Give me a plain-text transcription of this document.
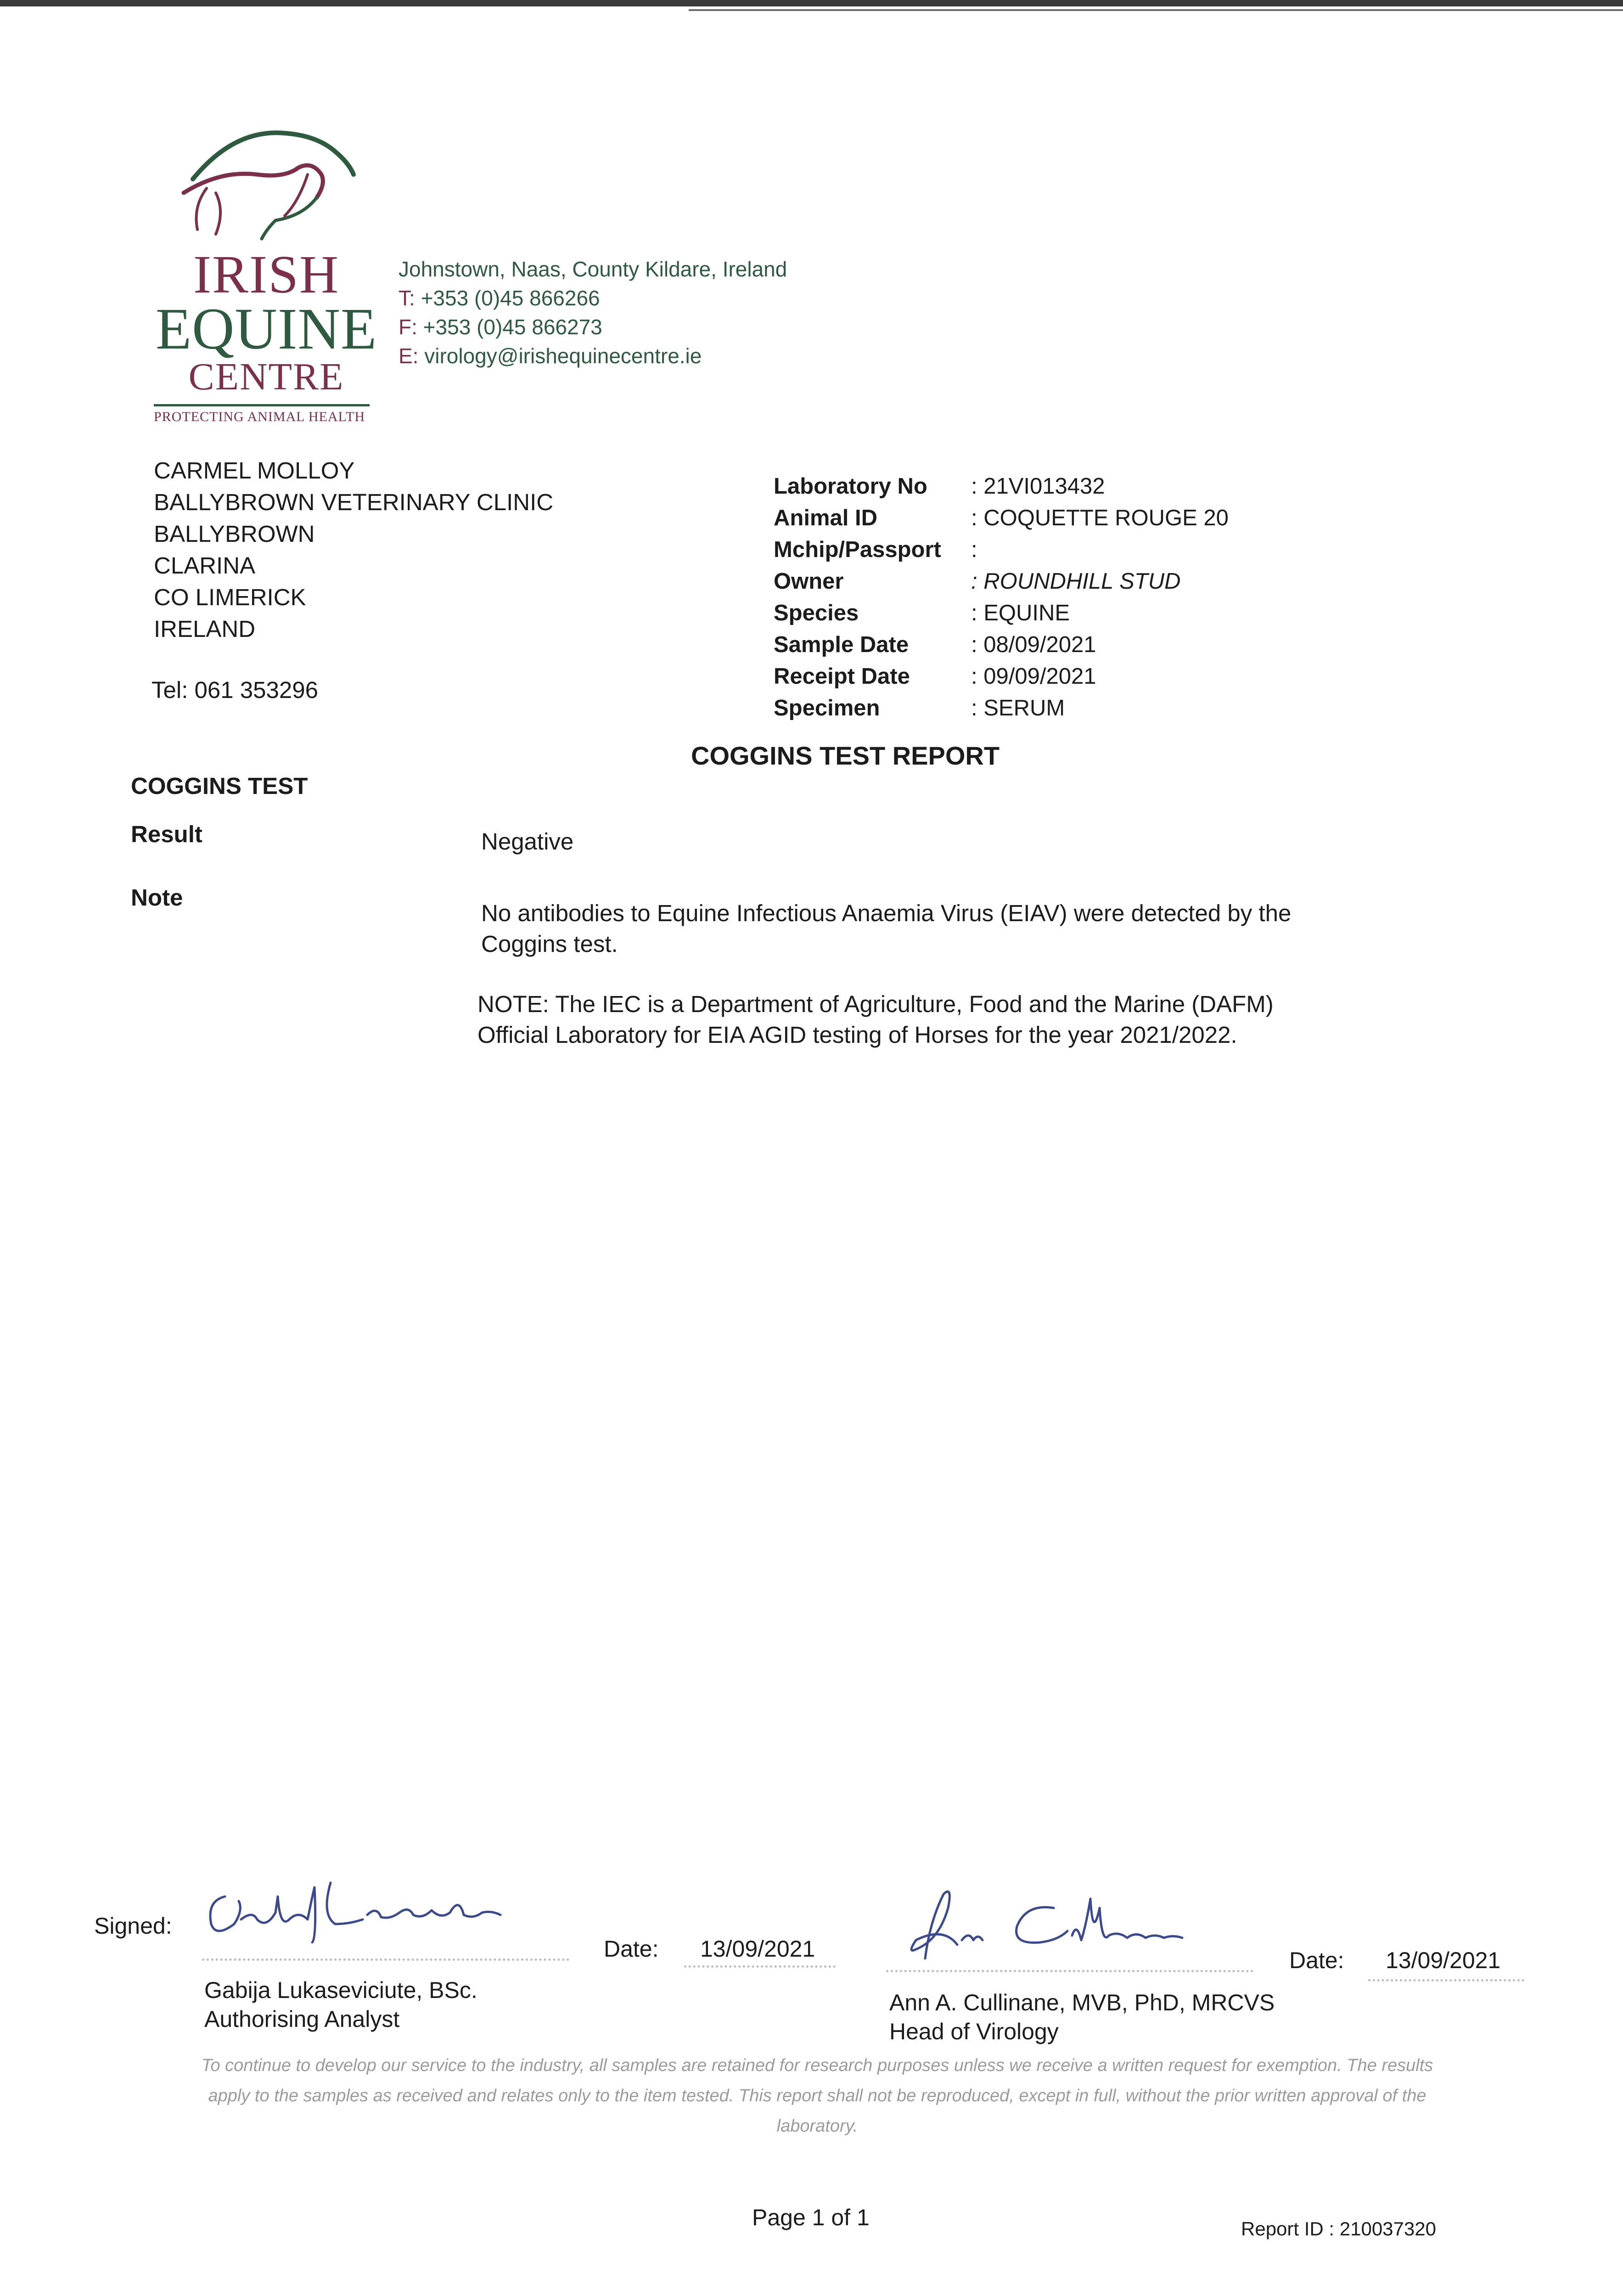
IRISH
EQUINE
CENTRE
PROTECTING ANIMAL HEALTH
Johnstown, Naas, County Kildare, Ireland
T: +353 (0)45 866266
F: +353 (0)45 866273
E: virology@irishequinecentre.ie
CARMEL MOLLOY
BALLYBROWN VETERINARY CLINIC
BALLYBROWN
CLARINA
CO LIMERICK
IRELAND
Tel: 061 353296
Laboratory No	: 21VI013432
Animal ID	: COQUETTE ROUGE 20
Mchip/Passport	:
Owner	: ROUNDHILL STUD
Species	: EQUINE
Sample Date	: 08/09/2021
Receipt Date	: 09/09/2021
Specimen	: SERUM
COGGINS TEST REPORT
COGGINS TEST
Result	Negative
Note
No antibodies to Equine Infectious Anaemia Virus (EIAV) were detected by the Coggins test.
NOTE: The IEC is a Department of Agriculture, Food and the Marine (DAFM) Official Laboratory for EIA AGID testing of Horses for the year 2021/2022.
Signed:
Date: 13/09/2021
Gabija Lukaseviciute, BSc.
Authorising Analyst
Date: 13/09/2021
Ann A. Cullinane, MVB, PhD, MRCVS
Head of Virology
To continue to develop our service to the industry, all samples are retained for research purposes unless we receive a written request for exemption. The results apply to the samples as received and relates only to the item tested. This report shall not be reproduced, except in full, without the prior written approval of the laboratory.
Page 1 of 1	Report ID : 210037320
